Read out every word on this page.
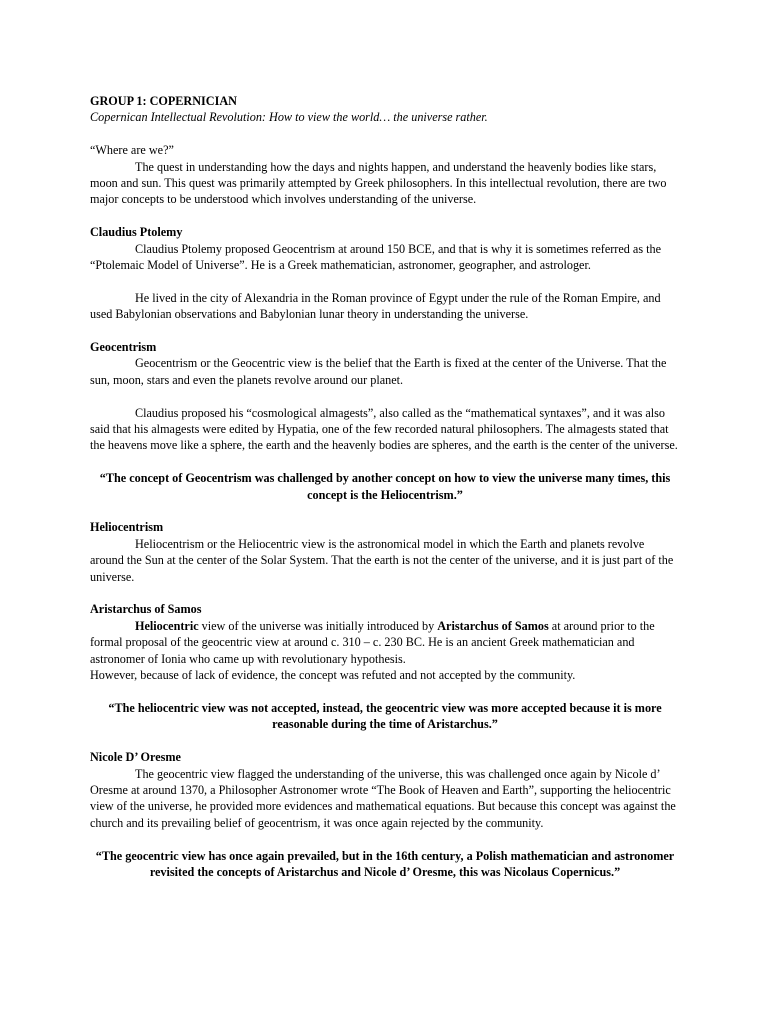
GROUP 1: COPERNICIAN

Copernican Intellectual Revolution: How to view the world… the universe rather.

“Where are we?”

The quest in understanding how the days and nights happen, and understand the heavenly bodies like stars, moon and sun. This quest was primarily attempted by Greek philosophers. In this intellectual revolution, there are two major concepts to be understood which involves understanding of the universe.

Claudius Ptolemy

Claudius Ptolemy proposed Geocentrism at around 150 BCE, and that is why it is sometimes referred as the “Ptolemaic Model of Universe”. He is a Greek mathematician, astronomer, geographer, and astrologer.

He lived in the city of Alexandria in the Roman province of Egypt under the rule of the Roman Empire, and used Babylonian observations and Babylonian lunar theory in understanding the universe.

Geocentrism

Geocentrism or the Geocentric view is the belief that the Earth is fixed at the center of the Universe. That the sun, moon, stars and even the planets revolve around our planet.

Claudius proposed his “cosmological almagests”, also called as the “mathematical syntaxes”, and it was also said that his almagests were edited by Hypatia, one of the few recorded natural philosophers. The almagests stated that the heavens move like a sphere, the earth and the heavenly bodies are spheres, and the earth is the center of the universe.

“The concept of Geocentrism was challenged by another concept on how to view the universe many times, this concept is the Heliocentrism.”

Heliocentrism

Heliocentrism or the Heliocentric view is the astronomical model in which the Earth and planets revolve around the Sun at the center of the Solar System. That the earth is not the center of the universe, and it is just part of the universe.

Aristarchus of Samos

Heliocentric view of the universe was initially introduced by Aristarchus of Samos at around prior to the formal proposal of the geocentric view at around c. 310 – c. 230 BC. He is an ancient Greek mathematician and astronomer of Ionia who came up with revolutionary hypothesis.

However, because of lack of evidence, the concept was refuted and not accepted by the community.

“The heliocentric view was not accepted, instead, the geocentric view was more accepted because it is more reasonable during the time of Aristarchus.”

Nicole D’ Oresme

The geocentric view flagged the understanding of the universe, this was challenged once again by Nicole d’ Oresme at around 1370, a Philosopher Astronomer wrote “The Book of Heaven and Earth”, supporting the heliocentric view of the universe, he provided more evidences and mathematical equations. But because this concept was against the church and its prevailing belief of geocentrism, it was once again rejected by the community.

“The geocentric view has once again prevailed, but in the 16th century, a Polish mathematician and astronomer revisited the concepts of Aristarchus and Nicole d’ Oresme, this was Nicolaus Copernicus.”
